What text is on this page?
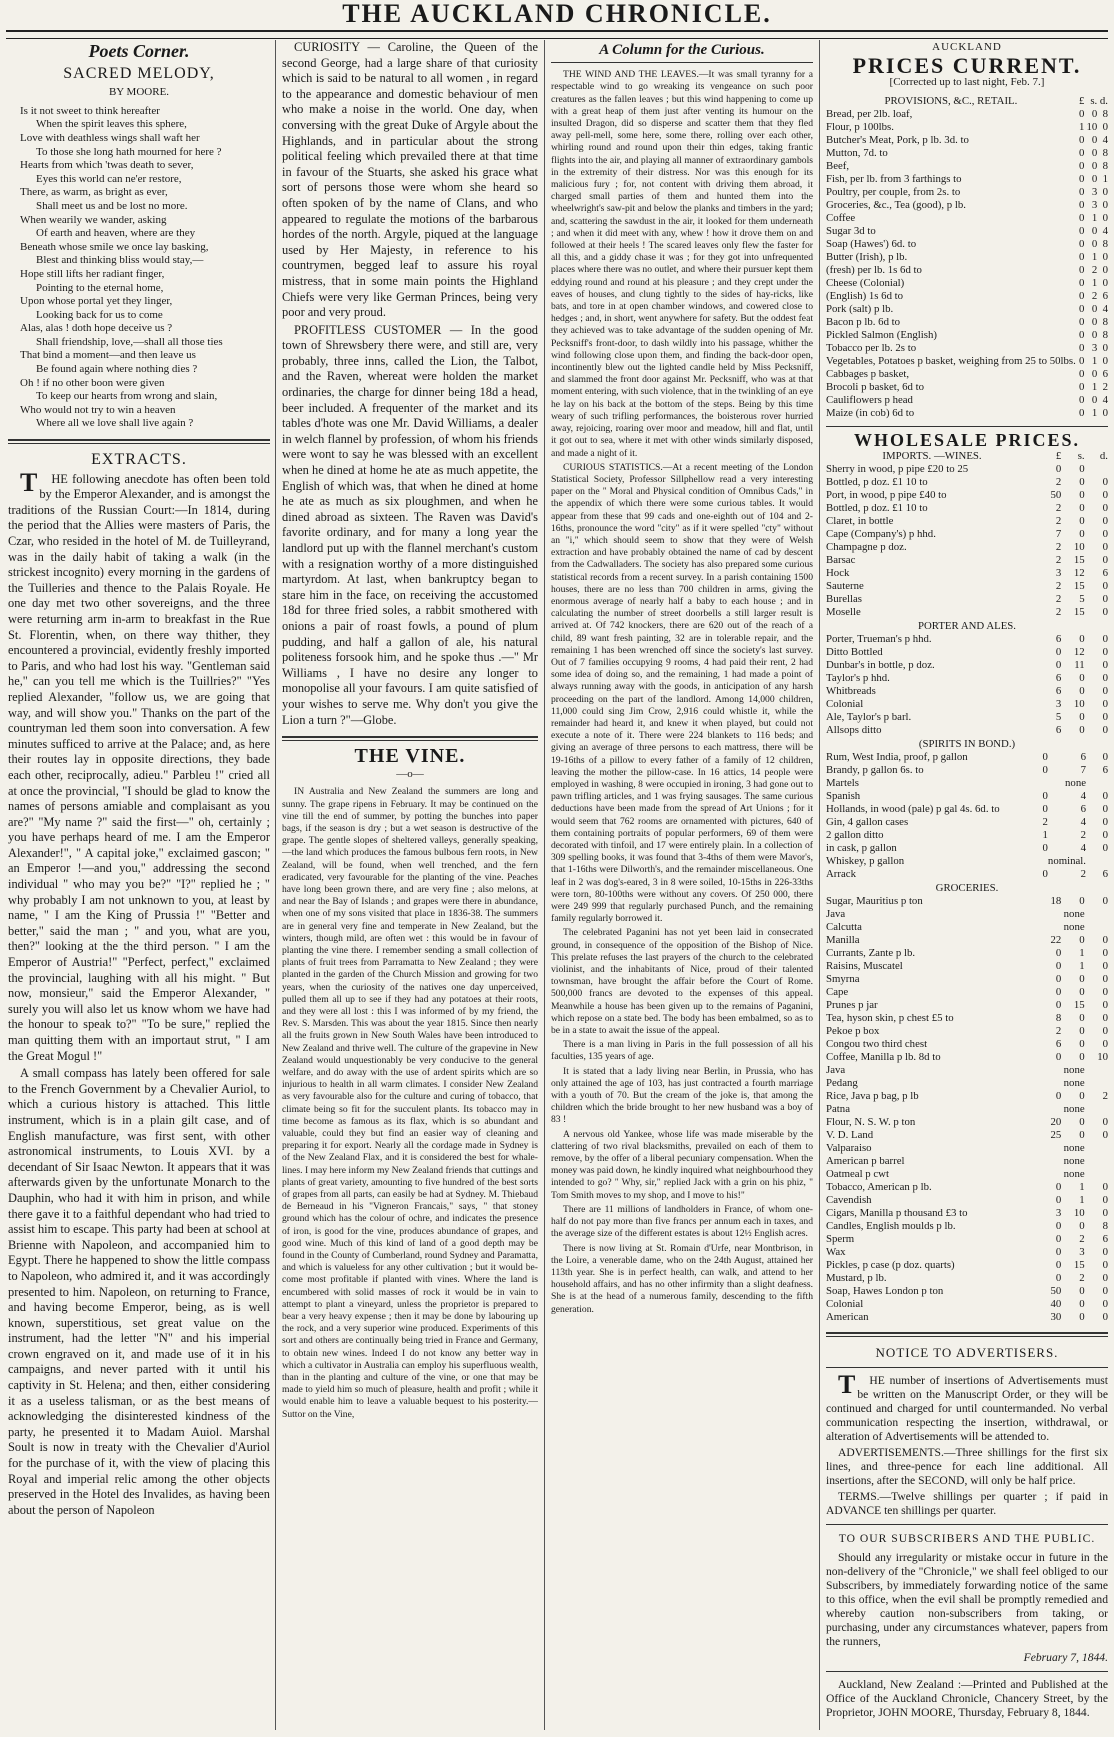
THE AUCKLAND CHRONICLE.
Poets Corner.
SACRED MELODY,
BY MOORE.
Is it not sweet to think hereafter
When the spirit leaves this sphere,
Love with deathless wings shall waft her
To those she long hath mourned for here ?
Hearts from which 'twas death to sever,
Eyes this world can ne'er restore,
There, as warm, as bright as ever,
Shall meet us and be lost no more.
When wearily we wander, asking
Of earth and heaven, where are they
Beneath whose smile we once lay basking,
Blest and thinking bliss would stay,—
Hope still lifts her radiant finger,
Pointing to the eternal home,
Upon whose portal yet they linger,
Looking back for us to come
Alas, alas ! doth hope deceive us ?
Shall friendship, love,—shall all those ties
That bind a moment—and then leave us
Be found again where nothing dies ?
Oh ! if no other boon were given
To keep our hearts from wrong and slain,
Who would not try to win a heaven
Where all we love shall live again ?
EXTRACTS.

THE following anecdote has often been told by the Emperor Alexander, and is amongst the traditions of the Russian Court:—In 1814, during the period that the Allies were masters of Paris, the Czar, who resided in the hotel of M. de Tuilleyrand, was in the daily habit of taking a walk (in the strickest incognito) every morning in the gardens of the Tuilleries and thence to the Palais Royale. He one day met two other sovereigns, and the three were returning arm in-arm to breakfast in the Rue St. Florentin, when, on there way thither, they encountered a provincial, evidently freshly imported to Paris, and who had lost his way. "Gentleman said he," can you tell me which is the Tuillries?" "Yes replied Alexander, "follow us, we are going that way, and will show you." Thanks on the part of the countryman led them soon into conversation. A few minutes sufficed to arrive at the Palace; and, as here their routes lay in opposite directions, they bade each other, reciprocally, adieu." Parbleu !" cried all at once the provincial, "I should be glad to know the names of persons amiable and complaisant as you are?" "My name ?" said the first—" oh, certainly ; you have perhaps heard of me. I am the Emperor Alexander!", " A capital joke," exclaimed gascon; " an Emperor !—and you," addressing the second individual " who may you be?" "I?" replied he ; " why probably I am not unknown to you, at least by name, " I am the King of Prussia !" "Better and better," said the man ; " and you, what are you, then?" looking at the the third person. " I am the Emperor of Austria!" "Perfect, perfect," exclaimed the provincial, laughing with all his might. " But now, monsieur," said the Emperor Alexander, " surely you will also let us know whom we have had the honour to speak to?" "To be sure," replied the man quitting them with an importaut strut, " I am the Great Mogul !"

A small compass has lately been offered for sale to the French Government by a Chevalier Auriol, to which a curious history is attached. This little instrument, which is in a plain gilt case, and of English manufacture, was first sent, with other astronomical instruments, to Louis XVI. by a decendant of Sir Isaac Newton. It appears that it was afterwards given by the unfortunate Monarch to the Dauphin, who had it with him in prison, and while there gave it to a faithful dependant who had tried to assist him to escape. This party had been at school at Brienne with Napoleon, and accompanied him to Egypt. There he happened to show the little compass to Napoleon, who admired it, and it was accordingly presented to him. Napoleon, on returning to France, and having become Emperor, being, as is well known, superstitious, set great value on the instrument, had the letter "N" and his imperial crown engraved on it, and made use of it in his campaigns, and never parted with it until his captivity in St. Helena; and then, either considering it as a useless talisman, or as the best means of acknowledging the disinterested kindness of the party, he presented it to Madam Auiol. Marshal Soult is now in treaty with the Chevalier d'Auriol for the purchase of it, with the view of placing this Royal and imperial relic among the other objects preserved in the Hotel des Invalides, as having been about the person of Napoleon

CURIOSITY — Caroline, the Queen of the second George, had a large share of that curiosity which is said to be natural to all women , in regard to the appearance and domestic behaviour of men who make a noise in the world. One day, when conversing with the great Duke of Argyle about the Highlands, and in particular about the strong political feeling which prevailed there at that time in favour of the Stuarts, she asked his grace what sort of persons those were whom she heard so often spoken of by the name of Clans, and who appeared to regulate the motions of the barbarous hordes of the north. Argyle, piqued at the language used by Her Majesty, in reference to his countrymen, begged leaf to assure his royal mistress, that in some main points the Highland Chiefs were very like German Princes, being very poor and very proud.

PROFITLESS CUSTOMER — In the good town of Shrewsbery there were, and still are, very probably, three inns, called the Lion, the Talbot, and the Raven, whereat were holden the market ordinaries, the charge for dinner being 18d a head, beer included. A frequenter of the market and its tables d'hote was one Mr. David Williams, a dealer in welch flannel by profession, of whom his friends were wont to say he was blessed with an excellent when he dined at home he ate as much appetite, the English of which was, that when he dined at home he ate as much as six ploughmen, and when he dined abroad as sixteen. The Raven was David's favorite ordinary, and for many a long year the landlord put up with the flannel merchant's custom with a resignation worthy of a more distinguished martyrdom. At last, when bankruptcy began to stare him in the face, on receiving the accustomed 18d for three fried soles, a rabbit smothered with onions a pair of roast fowls, a pound of plum pudding, and half a gallon of ale, his natural politeness forsook him, and he spoke thus .—" Mr Williams , I have no desire any longer to monopolise all your favours. I am quite satisfied of your wishes to serve me. Why don't you give the Lion a turn ?"—Globe.

THE VINE.
—o—

IN Australia and New Zealand the summers are long and sunny. The grape ripens in February. It may be continued on the vine till the end of summer, by potting the bunches into paper bags, if the season is dry ; but a wet season is destructive of the grape. The gentle slopes of sheltered valleys, generally speaking,—the land which produces the famous bulbous fern roots, in New Zealand, will be found, when well trenched, and the fern eradicated, very favourable for the planting of the vine. Peaches have long been grown there, and are very fine ; also melons, at and near the Bay of Islands ; and grapes were there in abundance, when one of my sons visited that place in 1836-38. The summers are in general very fine and temperate in New Zealand, but the winters, though mild, are often wet : this would be in favour of planting the vine there. I remember sending a small collection of plants of fruit trees from Parramatta to New Zealand ; they were planted in the garden of the Church Mission and growing for two years, when the curiosity of the natives one day unperceived, pulled them all up to see if they had any potatoes at their roots, and they were all lost : this I was informed of by my friend, the Rev. S. Marsden. This was about the year 1815. Since then nearly all the fruits grown in New South Wales have been introduced to New Zealand and thrive well. The culture of the grapevine in New Zealand would unquestionably be very conducive to the general welfare, and do away with the use of ardent spirits which are so injurious to health in all warm climates. I consider New Zealand as very favourable also for the culture and curing of tobacco, that climate being so fit for the succulent plants. Its tobacco may in time become as famous as its flax, which is so abundant and valuable, could they but find an easier way of cleaning and preparing it for export. Nearly all the cordage made in Sydney is of the New Zealand Flax, and it is considered the best for whale-lines. I may here inform my New Zealand friends that cuttings and plants of great variety, amounting to five hundred of the best sorts of grapes from all parts, can easily be had at Sydney. M. Thiebaud de Berneaud in his "Vigneron Francais," says, " that stoney ground which has the colour of ochre, and indicates the presence of iron, is good for the vine, produces abundance of grapes, and good wine. Much of this kind of land of a good depth may be found in the County of Cumberland, round Sydney and Paramatta, and which is valueless for any other cultivation ; but it would be-come most profitable if planted with vines. Where the land is encumbered with solid masses of rock it would be in vain to attempt to plant a vineyard, unless the proprietor is prepared to bear a very heavy expense ; then it may be done by labouring up the rock, and a very superior wine produced. Experiments of this sort and others are continually being tried in France and Germany, to obtain new wines. Indeed I do not know any better way in which a cultivator in Australia can employ his superfluous wealth, than in the planting and culture of the vine, or one that may be made to yield him so much of pleasure, health and profit ; while it would enable him to leave a valuable bequest to his posterity.—Suttor on the Vine,

A Column for the Curious.

THE WIND AND THE LEAVES.—It was small tyranny for a respectable wind to go wreaking its vengeance on such poor creatures as the fallen leaves ; but this wind happening to come up with a great heap of them just after venting its humour on the insulted Dragon, did so disperse and scatter them that they fled away pell-mell, some here, some there, rolling over each other, whirling round and round upon their thin edges, taking frantic flights into the air, and playing all manner of extraordinary gambols in the extremity of their distress. Nor was this enough for its malicious fury ; for, not content with driving them abroad, it charged small parties of them and hunted them into the wheelwright's saw-pit and below the planks and timbers in the yard; and, scattering the sawdust in the air, it looked for them underneath ; and when it did meet with any, whew ! how it drove them on and followed at their heels ! The scared leaves only flew the faster for all this, and a giddy chase it was ; for they got into unfrequented places where there was no outlet, and where their pursuer kept them eddying round and round at his pleasure ; and they crept under the eaves of houses, and clung tightly to the sides of hay-ricks, like bats, and tore in at open chamber windows, and cowered close to hedges ; and, in short, went anywhere for safety. But the oddest feat they achieved was to take advantage of the sudden opening of Mr. Pecksniff's front-door, to dash wildly into his passage, whither the wind following close upon them, and finding the back-door open, incontinently blew out the lighted candle held by Miss Pecksniff, and slammed the front door against Mr. Pecksniff, who was at that moment entering, with such violence, that in the twinkling of an eye he lay on his back at the bottom of the steps. Being by this time weary of such trifling performances, the boisterous rover hurried away, rejoicing, roaring over moor and meadow, hill and flat, until it got out to sea, where it met with other winds similarly disposed, and made a night of it.

CURIOUS STATISTICS.—At a recent meeting of the London Statistical Society, Professor Sillphellow read a very interesting paper on the " Moral and Physical condition of Omnibus Cads," in the appendix of which there were some curious tables. It would appear from these that 99 cads and one-eighth out of 104 and 2-16ths, pronounce the word "city" as if it were spelled "cty" without an "i," which should seem to show that they were of Welsh extraction and have probably obtained the name of cad by descent from the Cadwalladers. The society has also prepared some curious statistical records from a recent survey. In a parish containing 1500 houses, there are no less than 700 children in arms, giving the enormous average of nearly half a baby to each house ; and in calculating the number of street doorbells a still larger result is arrived at. Of 742 knockers, there are 620 out of the reach of a child, 89 want fresh painting, 32 are in tolerable repair, and the remaining 1 has been wrenched off since the society's last survey. Out of 7 families occupying 9 rooms, 4 had paid their rent, 2 had some idea of doing so, and the remaining, 1 had made a point of always running away with the goods, in anticipation of any harsh proceeding on the part of the landlord. Among 14,000 children, 11,000 could sing Jim Crow, 2,916 could whistle it, while the remainder had heard it, and knew it when played, but could not execute a note of it. There were 224 blankets to 116 beds; and giving an average of three persons to each mattress, there will be 19-16ths of a pillow to every father of a family of 12 children, leaving the mother the pillow-case. In 16 attics, 14 people were employed in washing, 8 were occupied in ironing, 3 had gone out to pawn trifling articles, and 1 was frying sausages. The same curious deductions have been made from the spread of Art Unions ; for it would seem that 762 rooms are ornamented with pictures, 640 of them containing portraits of popular performers, 69 of them were decorated with tinfoil, and 17 were entirely plain. In a collection of 309 spelling books, it was found that 3-4ths of them were Mavor's, that 1-16ths were Dilworth's, and the remainder miscellaneous. One leaf in 2 was dog's-eared, 3 in 8 were soiled, 10-15ths in 226-33ths were torn, 80-100ths were without any covers. Of 250 000, there were 249 999 that regularly purchased Punch, and the remaining family regularly borrowed it.

The celebrated Paganini has not yet been laid in consecrated ground, in consequence of the opposition of the Bishop of Nice. This prelate refuses the last prayers of the church to the celebrated violinist, and the inhabitants of Nice, proud of their talented townsman, have brought the affair before the Court of Rome. 500,000 francs are devoted to the expenses of this appeal. Meanwhile a house has been given up to the remains of Paganini, which repose on a state bed. The body has been embalmed, so as to be in a state to await the issue of the appeal.

There is a man living in Paris in the full possession of all his faculties, 135 years of age.

It is stated that a lady living near Berlin, in Prussia, who has only attained the age of 103, has just contracted a fourth marriage with a youth of 70. But the cream of the joke is, that among the children which the bride brought to her new husband was a boy of 83 !

A nervous old Yankee, whose life was made miserable by the clattering of two rival blacksmiths, prevailed on each of them to remove, by the offer of a liberal pecuniary compensation. When the money was paid down, he kindly inquired what neighbourhood they intended to go? " Why, sir," replied Jack with a grin on his phiz, " Tom Smith moves to my shop, and I move to his!"

There are 11 millions of landholders in France, of whom one-half do not pay more than five francs per annum each in taxes, and the average size of the different estates is about 12½ English acres.

There is now living at St. Romain d'Urfe, near Montbrison, in the Loire, a venerable dame, who on the 24th August, attained her 113th year. She is in perfect health, can walk, and attend to her household affairs, and has no other infirmity than a slight deafness. She is at the head of a numerous family, descending to the fifth generation.

AUCKLAND
PRICES CURRENT.
[Corrected up to last night, Feb. 7.]
PROVISIONS, &C., RETAIL.	£	s.	d.
Bread, per 2lb. loaf,	0	0	8
Flour, p 100lbs.	1	10	0
Butcher's Meat, Pork, p lb. 3d. to	0	0	4
Mutton, 7d. to	0	0	8
Beef,	0	0	8
Fish, per lb. from 3 farthings to	0	0	1
Poultry, per couple, from 2s. to	0	3	0
Groceries, &c., Tea (good), p lb.	0	3	0
Coffee	0	1	0
Sugar 3d to	0	0	4
Soap (Hawes') 6d. to	0	0	8
Butter (Irish), p lb.	0	1	0
(fresh) per lb. 1s 6d to	0	2	0
Cheese (Colonial)	0	1	0
(English) 1s 6d to	0	2	6
Pork (salt) p lb.	0	0	4
Bacon p lb. 6d to	0	0	8
Pickled Salmon (English)	0	0	8
Tobacco per lb. 2s to	0	3	0
Vegetables, Potatoes p basket, weighing from 25 to 50lbs.	0	1	0
Cabbages p basket,	0	0	6
Brocoli p basket, 6d to	0	1	2
Cauliflowers p head	0	0	4
Maize (in cob) 6d to	0	1	0
WHOLESALE PRICES.
IMPORTS. —WINES.	£	s.	d.
Sherry in wood, p pipe £20 to 25	0	0	
Bottled, p doz. £1 10 to	2	0	0
Port, in wood, p pipe £40 to	50	0	0
Bottled, p doz. £1 10 to	2	0	0
Claret, in bottle	2	0	0
Cape (Company's) p hhd.	7	0	0
Champagne p doz.	2	10	0
Barsac	2	15	0
Hock	3	12	6
Sauterne	2	15	0
Burellas	2	5	0
Moselle	2	15	0
PORTER AND ALES.
Porter, Trueman's p hhd.	6	0	0
Ditto Bottled	0	12	0
Dunbar's in bottle, p doz.	0	11	0
Taylor's p hhd.	6	0	0
Whitbreads	6	0	0
Colonial	3	10	0
Ale, Taylor's p barl.	5	0	0
Allsops ditto	6	0	0
(SPIRITS IN BOND.)
Rum, West India, proof, p gallon	0	6	0
Brandy, p gallon 6s. to	0	7	6
Martels		none	
Spanish	0	4	0
Hollands, in wood (pale) p gal 4s. 6d. to	0	6	0
Gin, 4 gallon cases	2	4	0
2 gallon ditto	1	2	0
in cask, p gallon	0	4	0
Whiskey, p gallon		nominal.	
Arrack	0	2	6
GROCERIES.
Sugar, Mauritius p ton	18	0	0
Java		none	
Calcutta		none	
Manilla	22	0	0
Currants, Zante p lb.	0	1	0
Raisins, Muscatel	0	1	0
Smyrna	0	0	0
Cape	0	0	0
Prunes p jar	0	15	0
Tea, hyson skin, p chest £5 to	8	0	0
Pekoe p box	2	0	0
Congou two third chest	6	0	0
Coffee, Manilla p lb. 8d to	0	0	10
Java		none	
Pedang		none	
Rice, Java p bag, p lb	0	0	2
Patna		none	
Flour, N. S. W. p ton	20	0	0
V. D. Land	25	0	0
Valparaiso		none	
American p barrel		none	
Oatmeal p cwt		none	
Tobacco, American p lb.	0	1	0
Cavendish	0	1	0
Cigars, Manilla p thousand £3 to	3	10	0
Candles, English moulds p lb.	0	0	8
Sperm	0	2	6
Wax	0	3	0
Pickles, p case (p doz. quarts)	0	15	0
Mustard, p lb.	0	2	0
Soap, Hawes London p ton	50	0	0
Colonial	40	0	0
American	30	0	0
NOTICE TO ADVERTISERS.

THE number of insertions of Advertisements must be written on the Manuscript Order, or they will be continued and charged for until countermanded. No verbal communication respecting the insertion, withdrawal, or alteration of Advertisements will be attended to.

ADVERTISEMENTS.—Three shillings for the first six lines, and three-pence for each line additional. All insertions, after the SECOND, will only be half price.

TERMS.—Twelve shillings per quarter ; if paid in ADVANCE ten shillings per quarter.

TO OUR SUBSCRIBERS AND THE PUBLIC.

Should any irregularity or mistake occur in future in the non-delivery of the "Chronicle," we shall feel obliged to our Subscribers, by immediately forwarding notice of the same to this office, when the evil shall be promptly remedied and whereby caution non-subscribers from taking, or purchasing, under any circumstances whatever, papers from the runners,

February 7, 1844.

Auckland, New Zealand :—Printed and Published at the Office of the Auckland Chronicle, Chancery Street, by the Proprietor, JOHN MOORE, Thursday, February 8, 1844.
